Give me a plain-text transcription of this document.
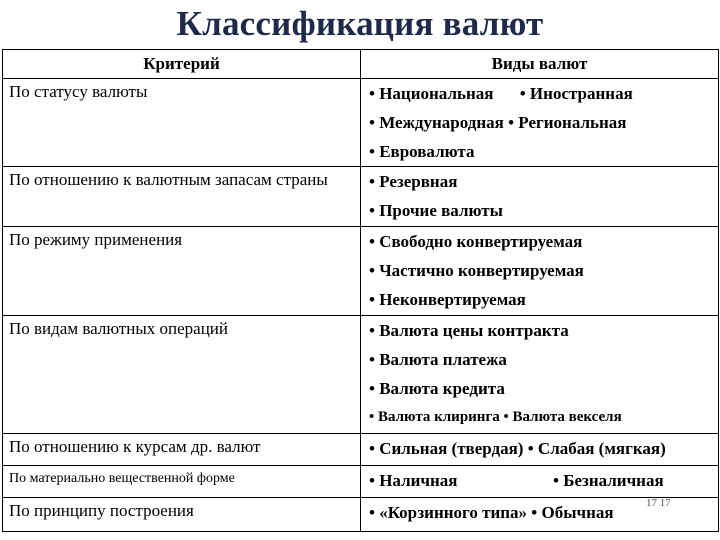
Классификация валют
Критерий	Виды валют
По статусу валюты	• Национальная • Иностранная
• Международная • Региональная
• Евровалюта

По отношению к валютным запасам страны	• Резервная
• Прочие валюты

По режиму применения	• Свободно конвертируемая
• Частично конвертируемая
• Неконвертируемая

По видам валютных операций	• Валюта цены контракта
• Валюта платежа
• Валюта кредита
• Валюта клиринга • Валюта векселя

По отношению к курсам др. валют	• Сильная (твердая) • Слабая (мягкая)

По материально вещественной форме	• Наличная • Безналичная

По принципу построения	• «Корзинного типа» • Обычная	17 17
